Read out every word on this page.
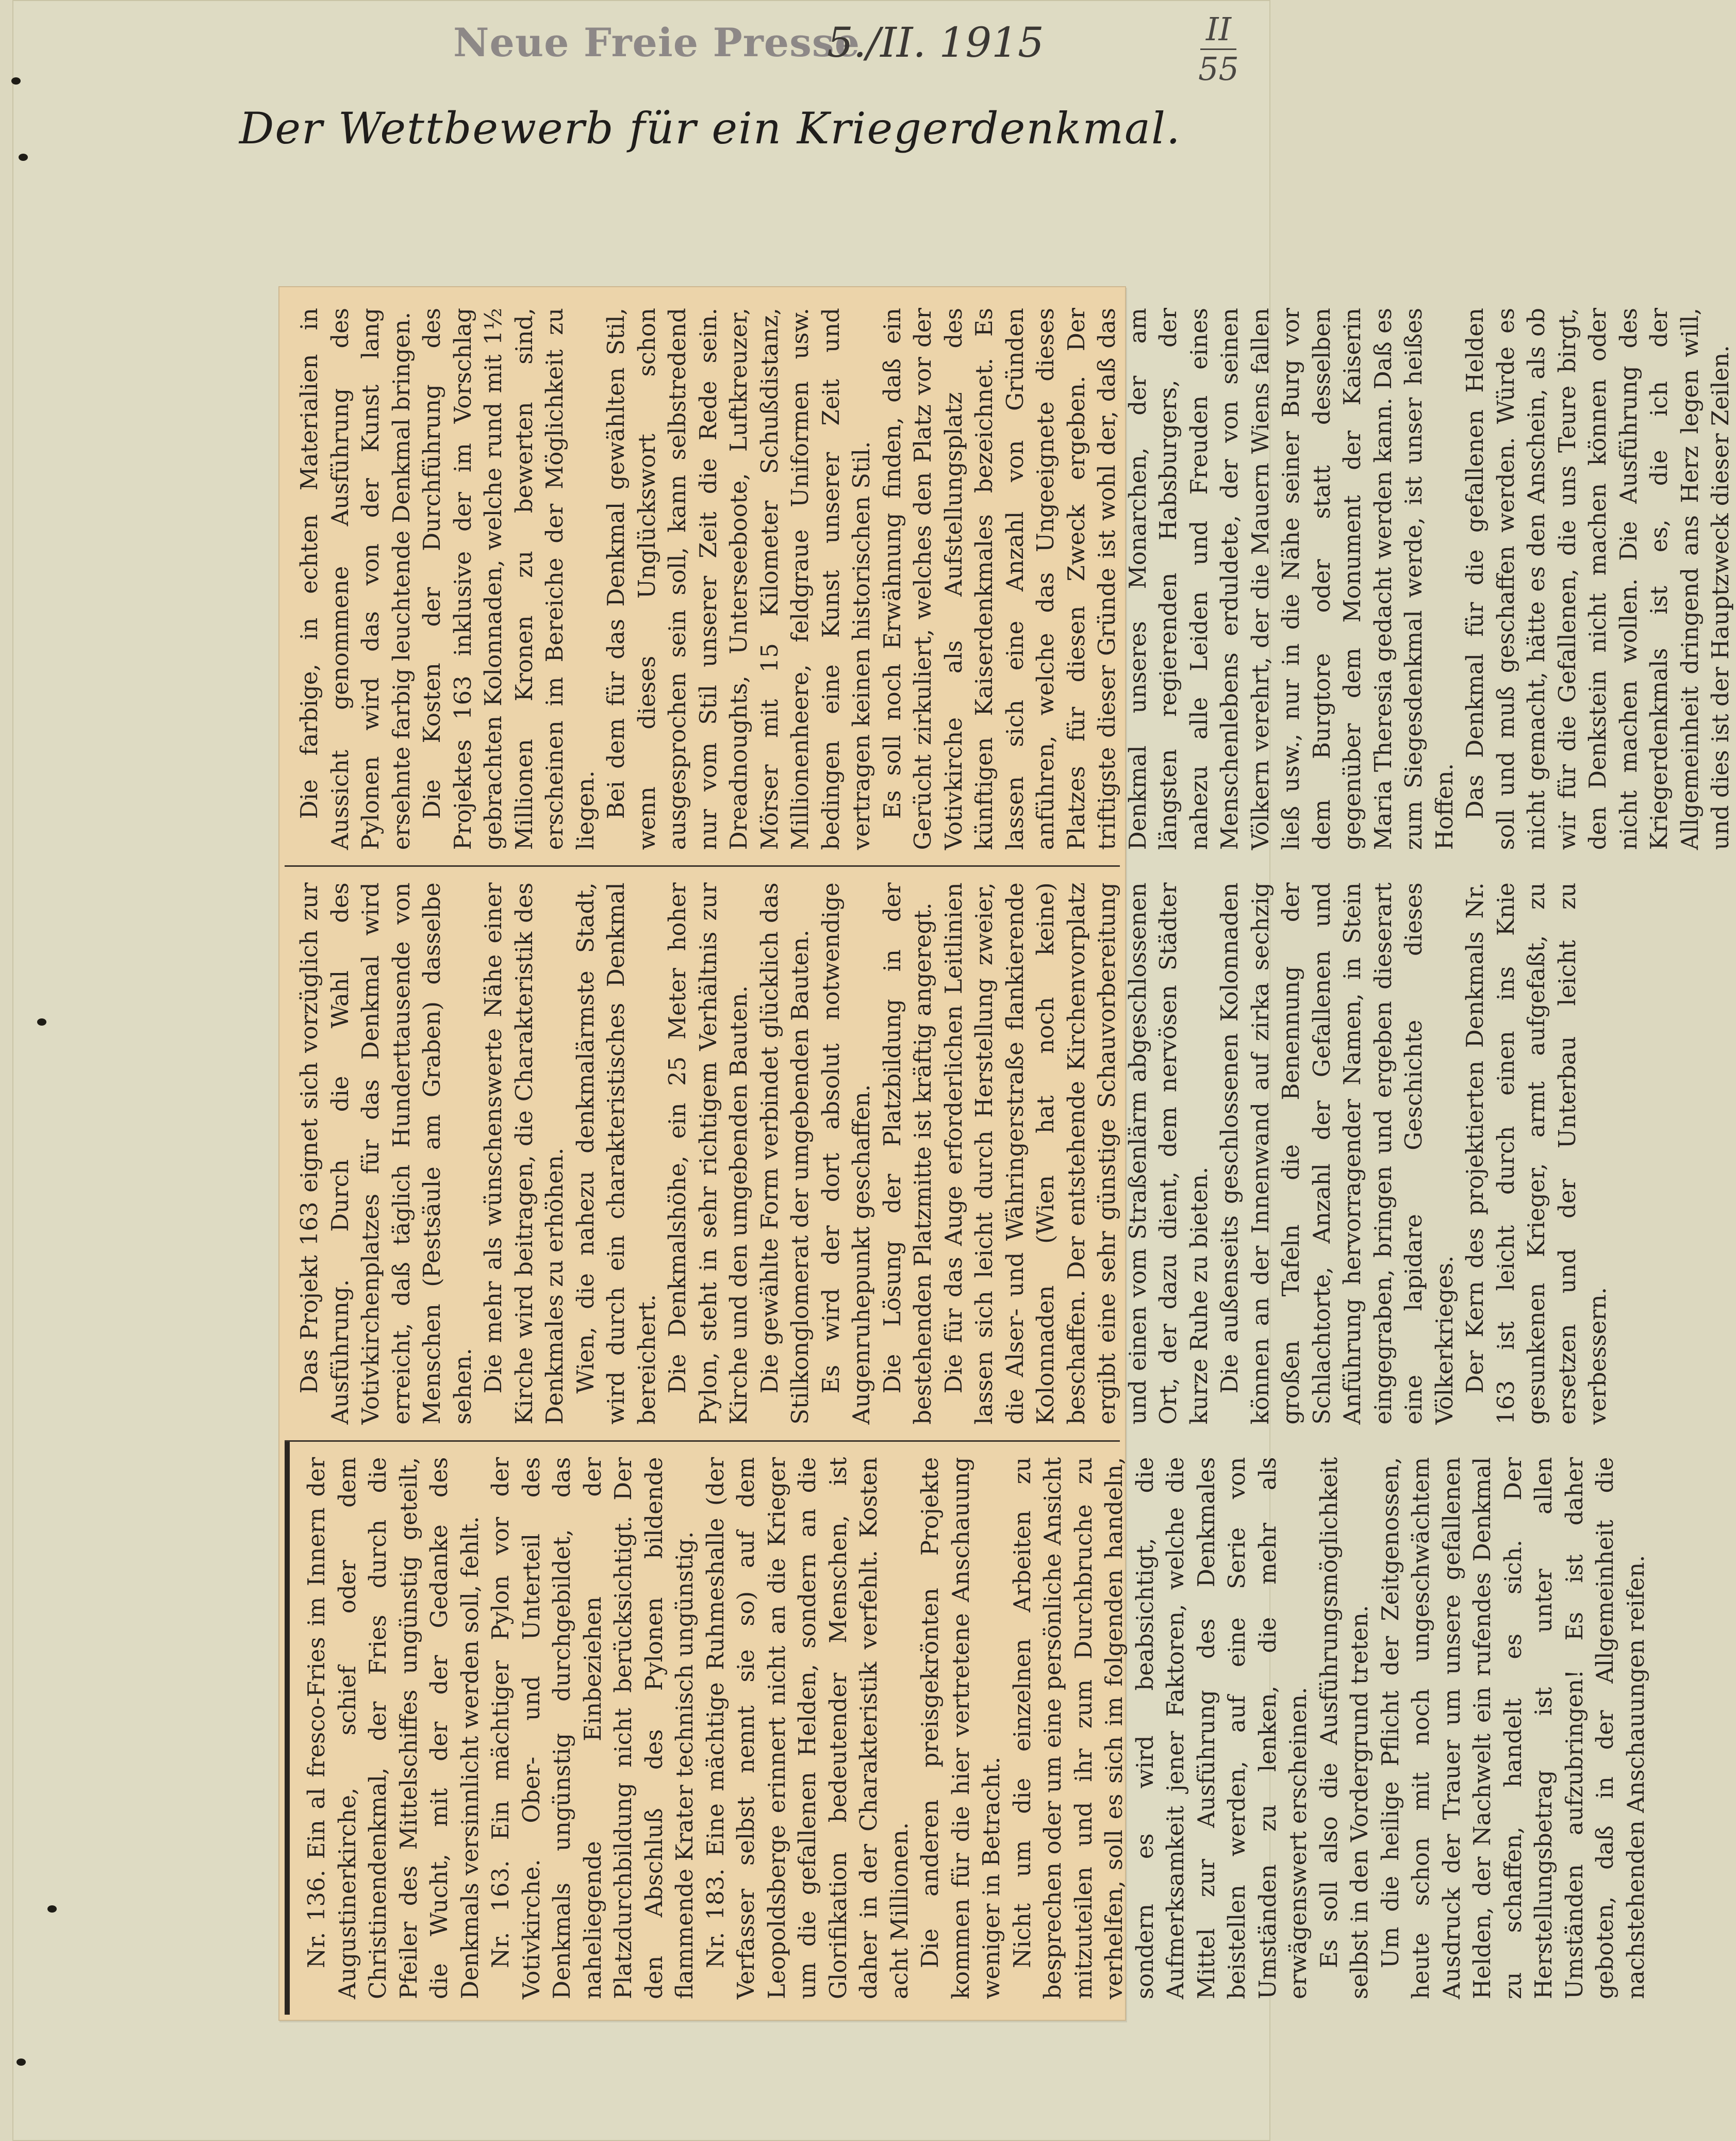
Neue Freie Presse
5./II. 1915	II
55
Der Wettbewerb für ein Kriegerdenkmal.

Nr. 136. Ein al fresco-Fries im Innern der Augustinerkirche, schief oder dem Christinendenkmal, der Fries durch die Pfeiler des Mittelschiffes ungünstig geteilt, die Wucht, mit der der Gedanke des Denkmals versinnlicht werden soll, fehlt. Nr. 163. Ein mächtiger Pylon vor der Votivkirche. Ober- und Unterteil des Denkmals ungünstig durchgebildet, das naheliegende Einbeziehen der Platzdurchbildung nicht berücksichtigt. Der den Abschluß des Pylonen bildende flammende Krater technisch ungünstig. Nr. 183. Eine mächtige Ruhmeshalle (der Verfasser selbst nennt sie so) auf dem Leopoldsberge erinnert nicht an die Krieger um die gefallenen Helden, sondern an die Glorifikation bedeutender Menschen, ist daher in der Charakteristik verfehlt. Kosten acht Millionen. Die anderen preisgekrönten Projekte kommen für die hier vertretene Anschauung weniger in Betracht. Nicht um die einzelnen Arbeiten zu besprechen oder um eine persönliche Ansicht mitzuteilen und ihr zum Durchbruche zu verhelfen, soll es sich im folgenden handeln, sondern es wird beabsichtigt, die Aufmerksamkeit jener Faktoren, welche die Mittel zur Ausführung des Denkmales beistellen werden, auf eine Serie von Umständen zu lenken, die mehr als erwägenswert erscheinen. Es soll also die Ausführungsmöglichkeit selbst in den Vordergrund treten. Um die heilige Pflicht der Zeitgenossen, heute schon mit noch ungeschwächtem Ausdruck der Trauer um unsere gefallenen Helden, der Nachwelt ein rufendes Denkmal zu schaffen, handelt es sich. Der Herstellungsbetrag ist unter allen Umständen aufzubringen! Es ist daher geboten, daß in der Allgemeinheit die nachstehenden Anschauungen reifen.

Das Projekt 163 eignet sich vorzüglich zur Ausführung. Durch die Wahl des Votivkirchenplatzes für das Denkmal wird erreicht, daß täglich Hunderttausende von Menschen (Pestsäule am Graben) dasselbe sehen. Die mehr als wünschenswerte Nähe einer Kirche wird beitragen, die Charakteristik des Denkmales zu erhöhen. Wien, die nahezu denkmalärmste Stadt, wird durch ein charakteristisches Denkmal bereichert. Die Denkmalshöhe, ein 25 Meter hoher Pylon, steht in sehr richtigem Verhältnis zur Kirche und den umgebenden Bauten. Die gewählte Form verbindet glücklich das Stilkonglomerat der umgebenden Bauten. Es wird der dort absolut notwendige Augenruhepunkt geschaffen. Die Lösung der Platzbildung in der bestehenden Platzmitte ist kräftig angeregt. Die für das Auge erforderlichen Leitlinien lassen sich leicht durch Herstellung zweier, die Alser- und Währingerstraße flankierende Kolonnaden (Wien hat noch keine) beschaffen. Der entstehende Kirchenvorplatz ergibt eine sehr günstige Schauvorbereitung und einen vom Straßenlärm abgeschlossenen Ort, der dazu dient, dem nervösen Städter kurze Ruhe zu bieten. Die außenseits geschlossenen Kolonnaden können an der Innenwand auf zirka sechzig großen Tafeln die Benennung der Schlachtorte, Anzahl der Gefallenen und Anführung hervorragender Namen, in Stein eingegraben, bringen und ergeben dieserart eine lapidare Geschichte dieses Völkerkrieges. Der Kern des projektierten Denkmals Nr. 163 ist leicht durch einen ins Knie gesunkenen Krieger, armt aufgefaßt, zu ersetzen und der Unterbau leicht zu verbessern.

Die farbige, in echten Materialien in Aussicht genommene Ausführung des Pylonen wird das von der Kunst lang ersehnte farbig leuchtende Denkmal bringen. Die Kosten der Durchführung des Projektes 163 inklusive der im Vorschlag gebrachten Kolonnaden, welche rund mit 1½ Millionen Kronen zu bewerten sind, erscheinen im Bereiche der Möglichkeit zu liegen. Bei dem für das Denkmal gewählten Stil, wenn dieses Unglückswort schon ausgesprochen sein soll, kann selbstredend nur vom Stil unserer Zeit die Rede sein. Dreadnoughts, Unterseeboote, Luftkreuzer, Mörser mit 15 Kilometer Schußdistanz, Millionenheere, feldgraue Uniformen usw. bedingen eine Kunst unserer Zeit und vertragen keinen historischen Stil. Es soll noch Erwähnung finden, daß ein Gerücht zirkuliert, welches den Platz vor der Votivkirche als Aufstellungsplatz des künftigen Kaiserdenkmales bezeichnet. Es lassen sich eine Anzahl von Gründen anführen, welche das Ungeeignete dieses Platzes für diesen Zweck ergeben. Der triftigste dieser Gründe ist wohl der, daß das Denkmal unseres Monarchen, der am längsten regierenden Habsburgers, der nahezu alle Leiden und Freuden eines Menschenlebens erduldete, der von seinen Völkern verehrt, der die Mauern Wiens fallen ließ usw., nur in die Nähe seiner Burg vor dem Burgtore oder statt desselben gegenüber dem Monument der Kaiserin Maria Theresia gedacht werden kann. Daß es zum Siegesdenkmal werde, ist unser heißes Hoffen. Das Denkmal für die gefallenen Helden soll und muß geschaffen werden. Würde es nicht gemacht, hätte es den Anschein, als ob wir für die Gefallenen, die uns Teure birgt, den Denkstein nicht machen können oder nicht machen wollen. Die Ausführung des Kriegerdenkmals ist es, die ich der Allgemeinheit dringend ans Herz legen will, und dies ist der Hauptzweck dieser Zeilen.
